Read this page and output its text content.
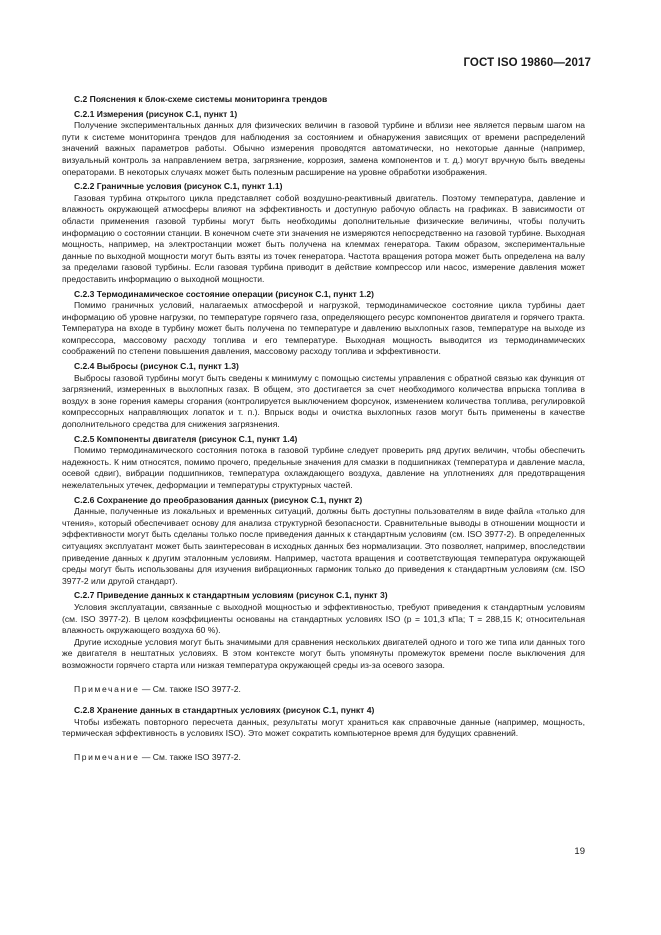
ГОСТ ISO 19860—2017
С.2 Пояснения к блок-схеме системы мониторинга трендов
С.2.1 Измерения (рисунок С.1, пункт 1)

Получение экспериментальных данных для физических величин в газовой турбине и вблизи нее является первым шагом на пути к системе мониторинга трендов для наблюдения за состоянием и обнаружения зависящих от времени распределений значений важных параметров работы. Обычно измерения проводятся автоматически, но некоторые данные (например, визуальный контроль за направлением ветра, загрязнение, коррозия, замена компонентов и т. д.) могут вручную быть введены операторами. В некоторых случаях может быть полезным расширение на уровне обработки изображения.

С.2.2 Граничные условия (рисунок С.1, пункт 1.1)

Газовая турбина открытого цикла представляет собой воздушно-реактивный двигатель. Поэтому температура, давление и влажность окружающей атмосферы влияют на эффективность и доступную рабочую область на графиках. В зависимости от области применения газовой турбины могут быть необходимы дополнительные физические величины, чтобы получить информацию о состоянии станции. В конечном счете эти значения не измеряются непосредственно на газовой турбине. Выходная мощность, например, на электростанции может быть получена на клеммах генератора. Таким образом, экспериментальные данные по выходной мощности могут быть взяты из точек генератора. Частота вращения ротора может быть определена на валу за пределами газовой турбины. Если газовая турбина приводит в действие компрессор или насос, измерение давления может предоставить информацию о выходной мощности.

С.2.3 Термодинамическое состояние операции (рисунок С.1, пункт 1.2)

Помимо граничных условий, налагаемых атмосферой и нагрузкой, термодинамическое состояние цикла турбины дает информацию об уровне нагрузки, по температуре горячего газа, определяющего ресурс компонентов двигателя и горячего тракта. Температура на входе в турбину может быть получена по температуре и давлению выхлопных газов, температуре на выходе из компрессора, массовому расходу топлива и его температуре. Выходная мощность выводится из термодинамических соображений по степени повышения давления, массовому расходу топлива и эффективности.

С.2.4 Выбросы (рисунок С.1, пункт 1.3)

Выбросы газовой турбины могут быть сведены к минимуму с помощью системы управления с обратной связью как функция от загрязнений, измеренных в выхлопных газах. В общем, это достигается за счет необходимого количества впрыска топлива в воздух в зоне горения камеры сгорания (контролируется выключением форсунок, изменением количества топлива, регулировкой компрессорных направляющих лопаток и т. п.). Впрыск воды и очистка выхлопных газов могут быть применены в качестве дополнительного средства для снижения загрязнения.

С.2.5 Компоненты двигателя (рисунок С.1, пункт 1.4)

Помимо термодинамического состояния потока в газовой турбине следует проверить ряд других величин, чтобы обеспечить надежность. К ним относятся, помимо прочего, предельные значения для смазки в подшипниках (температура и давление масла, осевой сдвиг), вибрации подшипников, температура охлаждающего воздуха, давление на уплотнениях для предотвращения нежелательных утечек, деформации и температуры структурных частей.

С.2.6 Сохранение до преобразования данных (рисунок С.1, пункт 2)

Данные, полученные из локальных и временных ситуаций, должны быть доступны пользователям в виде файла «только для чтения», который обеспечивает основу для анализа структурной безопасности. Сравнительные выводы в отношении мощности и эффективности могут быть сделаны только после приведения данных к стандартным условиям (см. ISO 3977-2). В определенных ситуациях эксплуатант может быть заинтересован в исходных данных без нормализации. Это позволяет, например, впоследствии приведение данных к другим эталонным условиям. Например, частота вращения и соответствующая температура окружающей среды могут быть использованы для изучения вибрационных гармоник только до приведения к стандартным условиям (см. ISO 3977-2 или другой стандарт).

С.2.7 Приведение данных к стандартным условиям (рисунок С.1, пункт 3)

Условия эксплуатации, связанные с выходной мощностью и эффективностью, требуют приведения к стандартным условиям (см. ISO 3977-2). В целом коэффициенты основаны на стандартных условиях ISO (p = 101,3 кПа; T = 288,15 К; относительная влажность окружающего воздуха 60 %).

Другие исходные условия могут быть значимыми для сравнения нескольких двигателей одного и того же типа или данных того же двигателя в нештатных условиях. В этом контексте могут быть упомянуты промежуток времени после выключения для возможности горячего старта или низкая температура окружающей среды из-за осевого зазора.

Примечание — См. также ISO 3977-2.
С.2.8 Хранение данных в стандартных условиях (рисунок С.1, пункт 4)

Чтобы избежать повторного пересчета данных, результаты могут храниться как справочные данные (например, мощность, термическая эффективность в условиях ISO). Это может сократить компьютерное время для будущих сравнений.

Примечание — См. также ISO 3977-2.
19
